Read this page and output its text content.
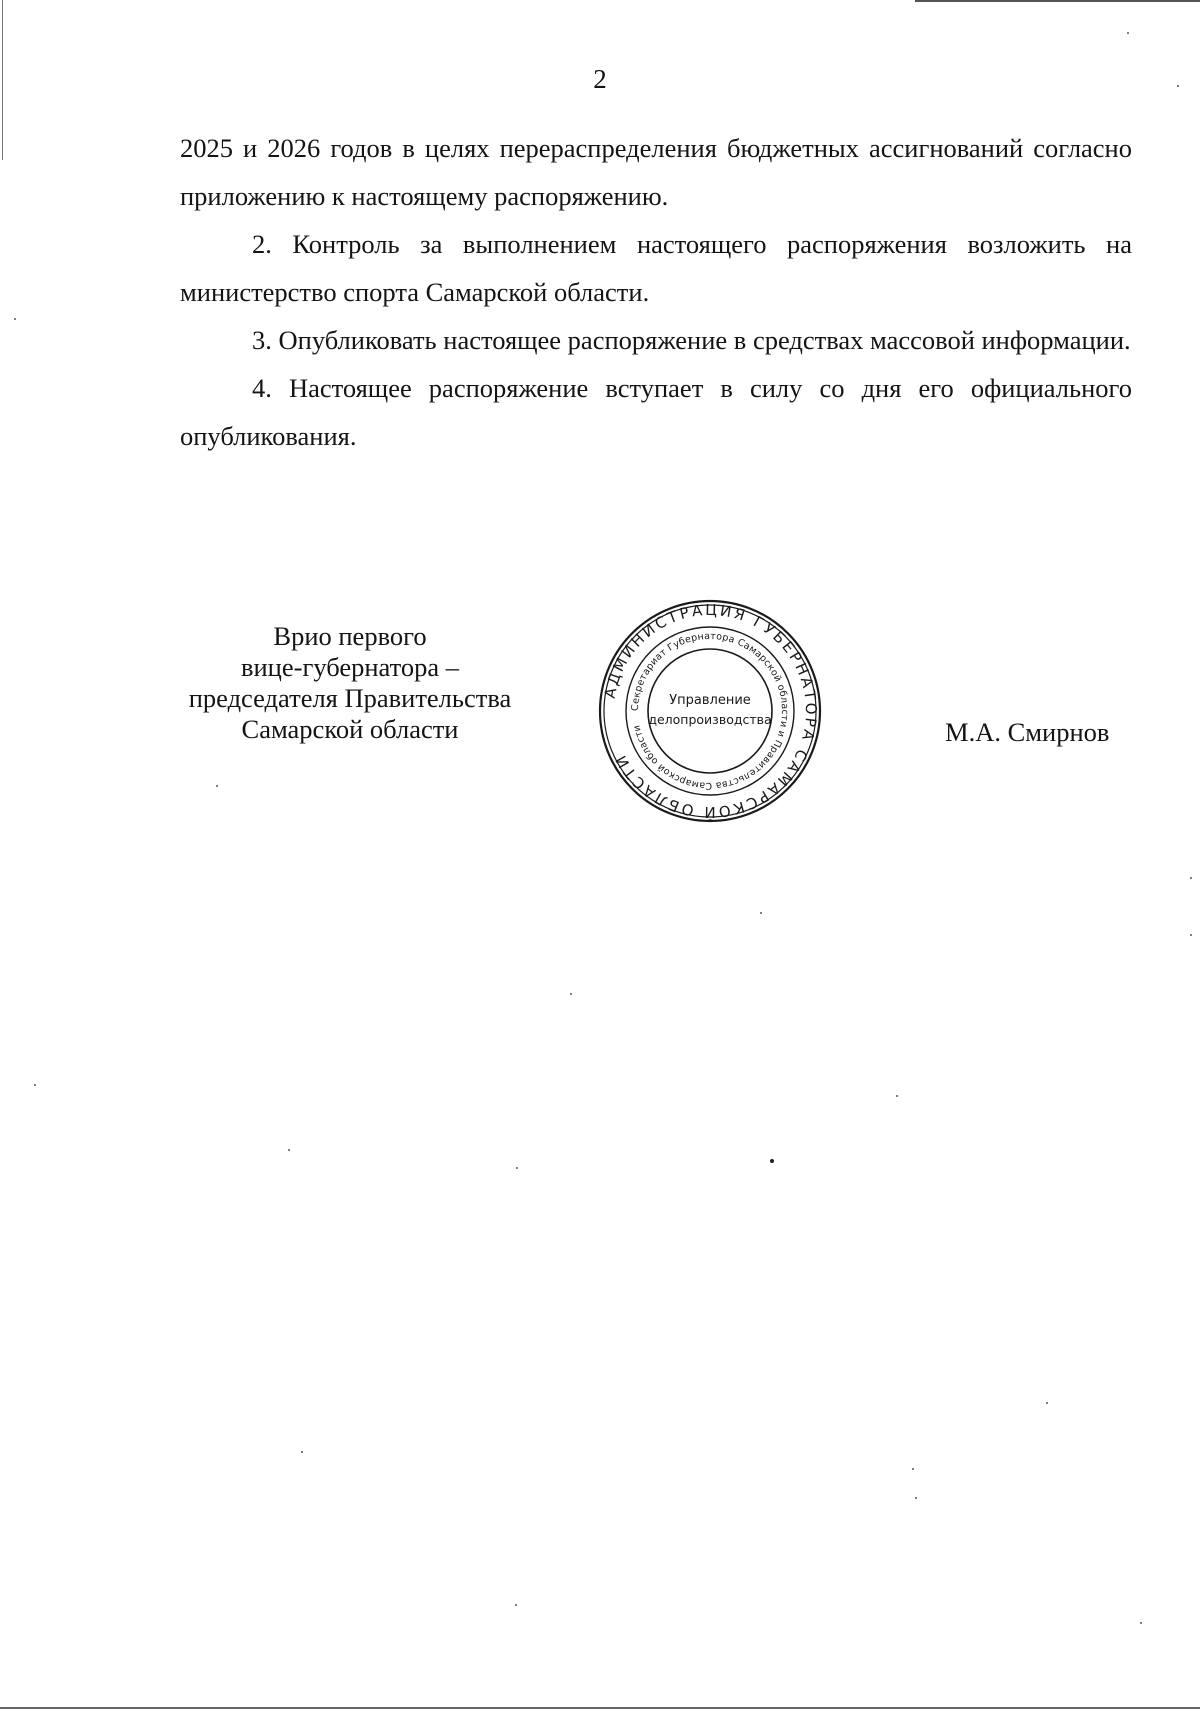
2

2025 и 2026 годов в целях перераспределения бюджетных ассигнований согласно приложению к настоящему распоряжению.

2. Контроль за выполнением настоящего распоряжения возложить на министерство спорта Самарской области.

3. Опубликовать настоящее распоряжение в средствах массовой информации.

4. Настоящее распоряжение вступает в силу со дня его официального опубликования.

Врио первого
вице-губернатора –
председателя Правительства
Самарской области
АДМИНИСТРАЦИЯ ГУБЕРНАТОРА САМАРСКОЙ ОБЛАСТИ
Секретариат Губернатора Самарской области и Правительства Самарской области
Управление
делопроизводства	М.А. Смирнов
